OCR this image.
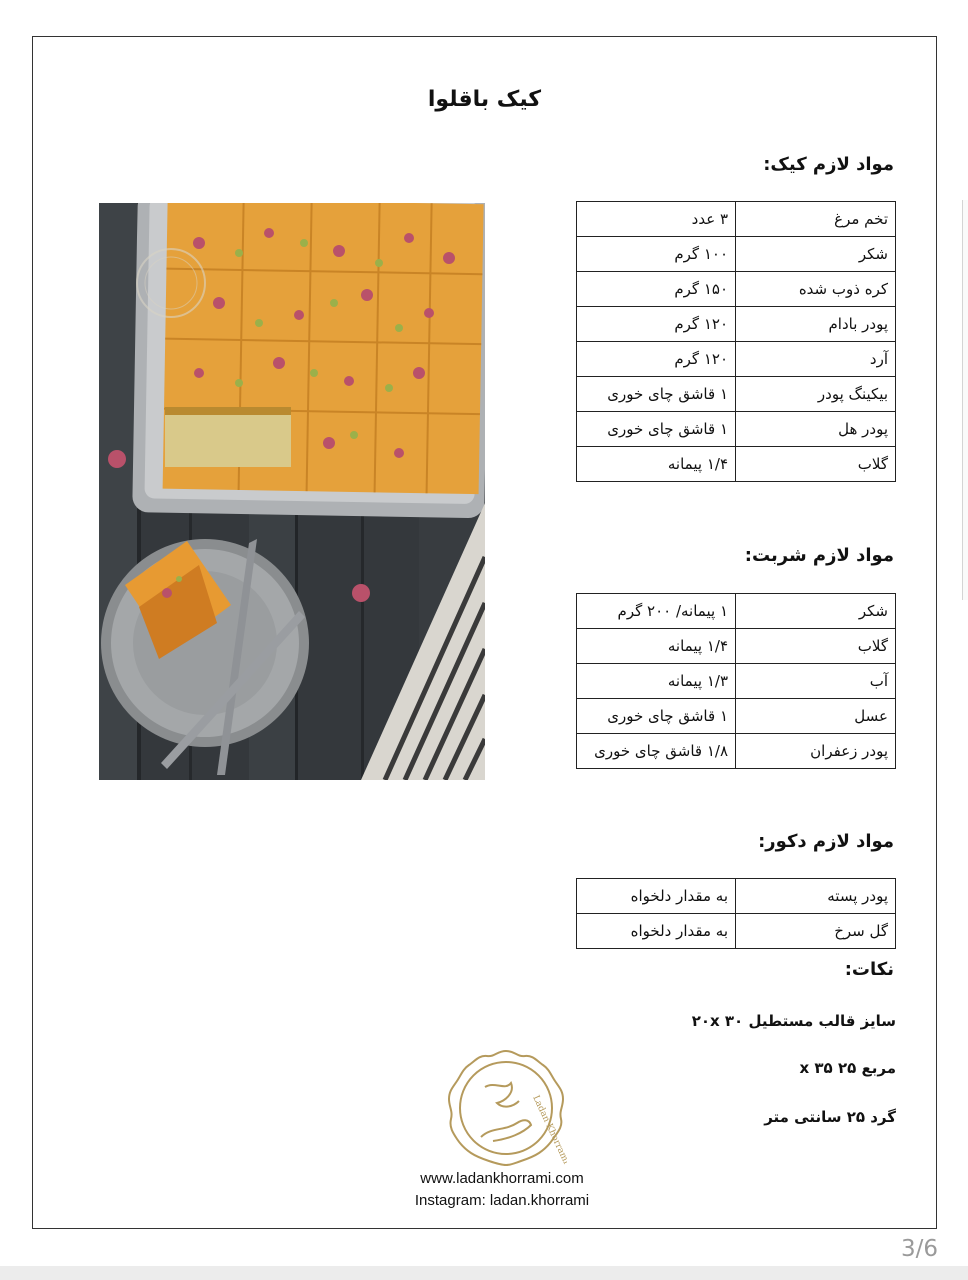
کیک باقلوا
مواد لازم کیک:
تخم مرغ	۳ عدد
شکر	۱۰۰ گرم
کره ذوب شده	۱۵۰ گرم
پودر بادام	۱۲۰ گرم
آرد	۱۲۰ گرم
بیکینگ پودر	۱ قاشق چای خوری
پودر هل	۱ قاشق چای خوری
گلاب	۱/۴ پیمانه
مواد لازم شربت:
شکر	۱ پیمانه/ ۲۰۰ گرم
گلاب	۱/۴ پیمانه
آب	۱/۳ پیمانه
عسل	۱ قاشق چای خوری
پودر زعفران	۱/۸ قاشق چای خوری
مواد لازم دکور:
پودر پسته	به مقدار دلخواه
گل سرخ	به مقدار دلخواه
نکات:
سایز قالب مستطیل ۲۰x ۳۰
مربع ۲۵ x ۳۵
گرد ۲۵ سانتی متر
Ladan Khorrami
www.ladankhorrami.com
Instagram: ladan.khorrami
3/6
